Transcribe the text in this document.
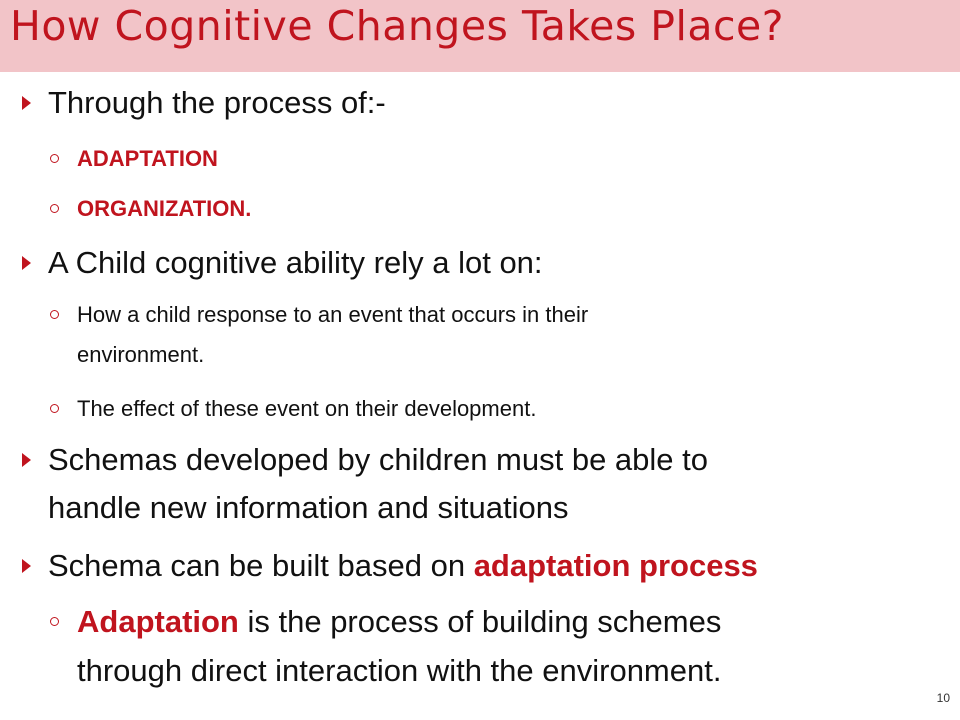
How Cognitive Changes Takes Place?
Through the process of:-
ADAPTATION
ORGANIZATION.
A Child cognitive ability rely a lot on:
How a child response to an event that occurs in their
environment.
The effect of these event on their development.
Schemas developed by children must be able to
handle new information and situations
Schema can be built based on adaptation process
Adaptation is the process of building schemes
through direct interaction with the environment.
10
